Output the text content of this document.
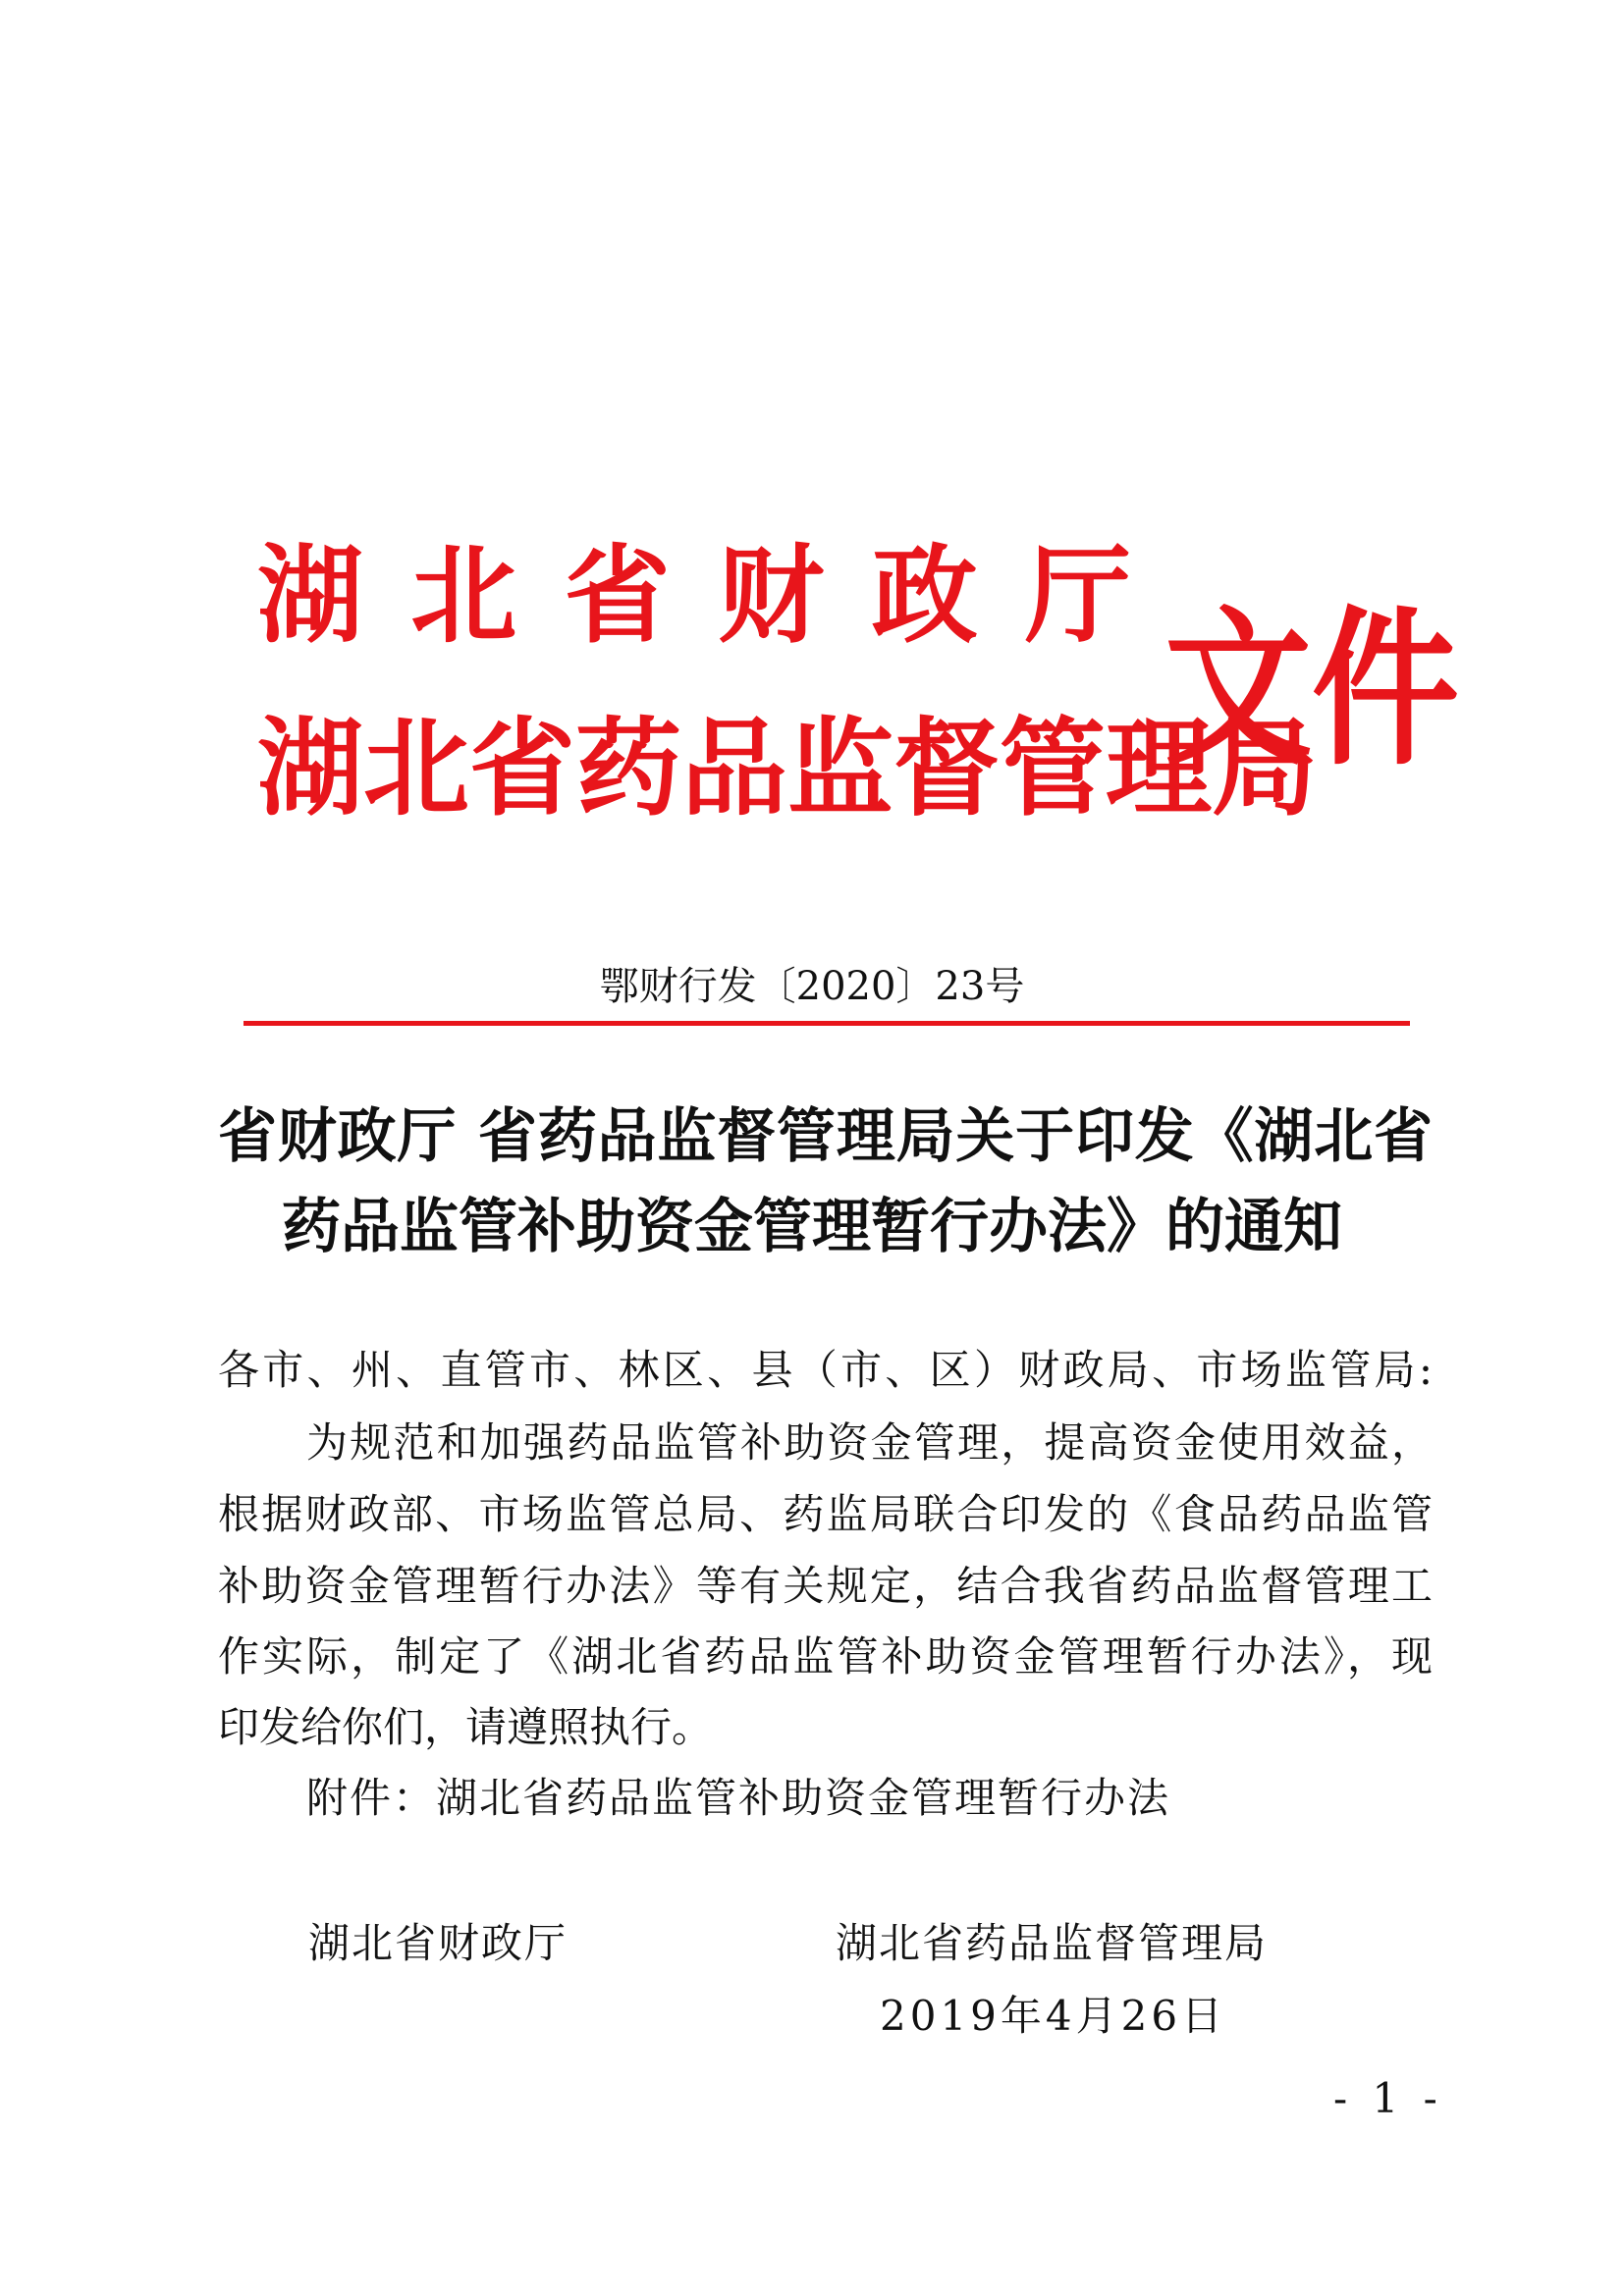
湖北省财政厅
湖北省药品监督管理局
文件
鄂财行发〔2020〕23号
省财政厅 省药品监督管理局关于印发《湖北省
药品监管补助资金管理暂行办法》的通知
各市、州、直管市、林区、县（市、区）财政局、市场监管局:
为规范和加强药品监管补助资金管理，提高资金使用效益，
根据财政部、市场监管总局、药监局联合印发的《食品药品监管
补助资金管理暂行办法》等有关规定，结合我省药品监督管理工
作实际，制定了《湖北省药品监管补助资金管理暂行办法》，现
印发给你们，请遵照执行。
附件：湖北省药品监管补助资金管理暂行办法
湖北省财政厅	湖北省药品监督管理局
2019年4月26日
- 1 -
